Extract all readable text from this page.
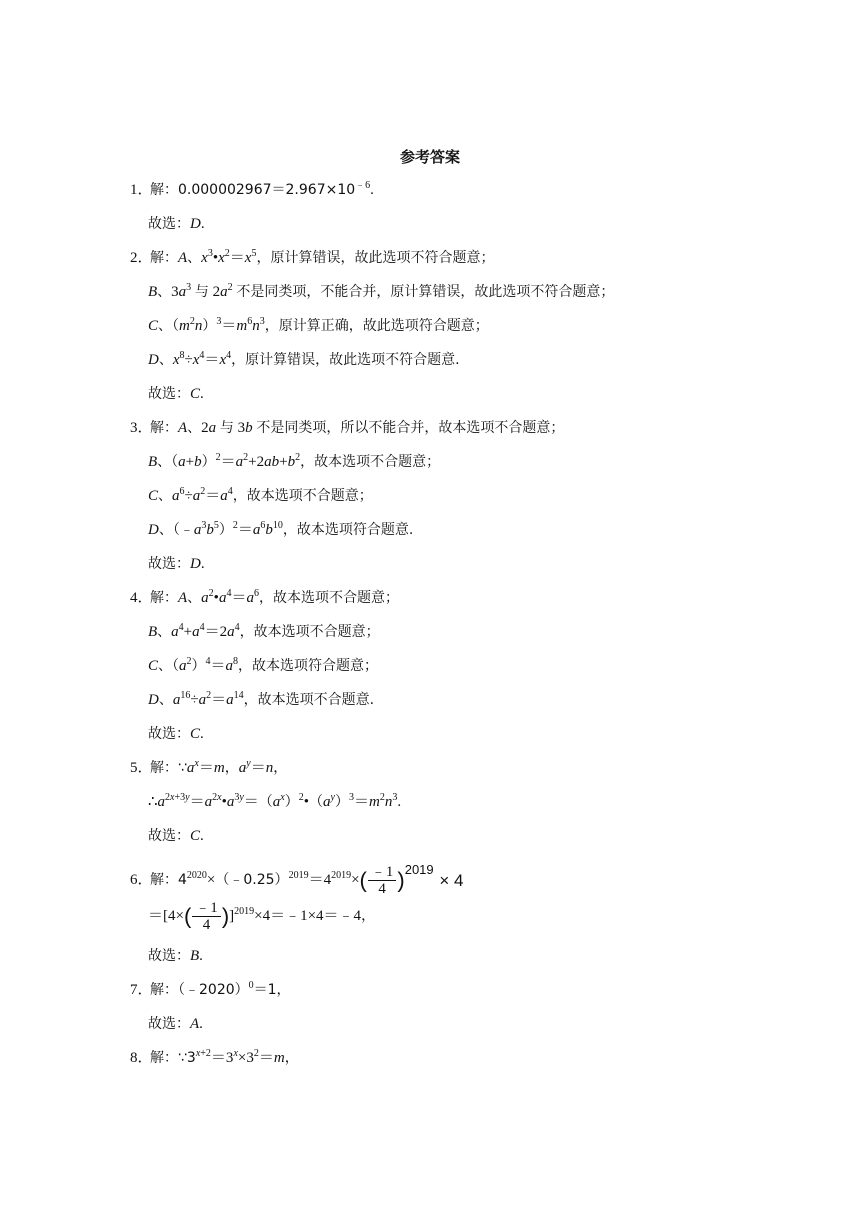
参考答案
1．解：$0.000002967=2.967\times 10^{﹣6}$.
故选：D.
2．解：A、$x^3•x^2=x^5$，原计算错误，故此选项不符合题意；
B、$3a^3$ 与 $2a^2$ 不是同类项，不能合并，原计算错误，故此选项不符合题意；
C、$(m^2n)^3=m^6n^3$，原计算正确，故此选项符合题意；
D、$x^8\div x^4=x^4$，原计算错误，故此选项不符合题意.
故选：C.
3．解：A、2a 与 3b 不是同类项，所以不能合并，故本选项不合题意；
B、$(a+b)^2=a^2+2ab+b^2$，故本选项不合题意；
C、$a^6\div a^2=a^4$，故本选项不合题意；
D、$(﹣a^3b^5)^2=a^6b^{10}$，故本选项符合题意.
故选：D.
4．解：A、$a^2•a^4=a^6$，故本选项不合题意；
B、$a^4+a^4=2a^4$，故本选项不合题意；
C、$(a^2)^4=a^8$，故本选项符合题意；
D、$a^{16}\div a^2=a^{14}$，故本选项不合题意.
故选：C.
5．解：$\because a^x=m$，$a^y=n$，
$\therefore a^{2x+3y}=a^{2x}•a^{3y}=(a^x)^2•(a^y)^3=m^2n^3$.
故选：C.
6．解：$4^{2020}\times(﹣0.25)^{2019}=4^{2019}\times( \frac{﹣1}{4} )2019 \times 4$
$=[4\times( \frac{﹣1}{4}$ )]$^{2019}$×4＝﹣1×4＝﹣4，
故选：B.
7．解：（﹣2020）$^0$＝1，
故选：A.
8．解：$\because 3^{x+2}=3^x\times 3^2=m$，
